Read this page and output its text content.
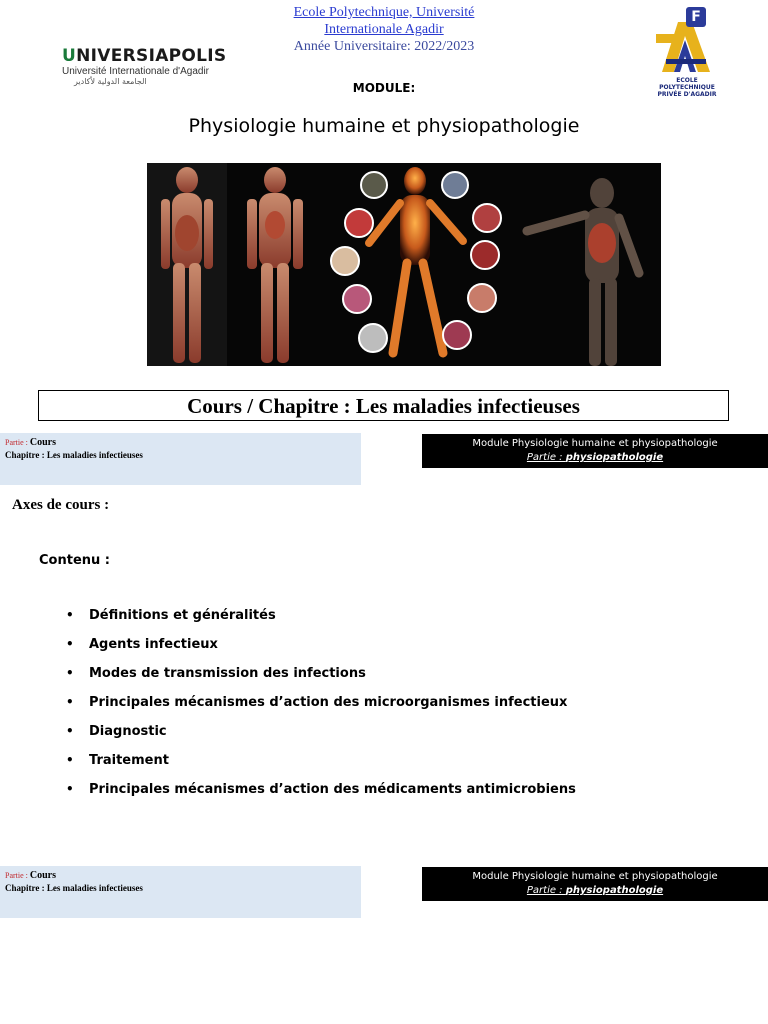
UNIVERSIAPOLIS
Université Internationale d'Agadir
الجامعة الدولية لأكادير
Ecole Polytechnique, Université
Internationale Agadir
Année Universitaire: 2022/2023
F
ECOLE
POLYTECHNIQUE
PRIVÉE D'AGADIR
MODULE:
Physiologie humaine et physiopathologie
Cours / Chapitre : Les maladies infectieuses
Partie : Cours
Chapitre : Les maladies infectieuses
Module Physiologie humaine et physiopathologie
Partie : physiopathologie
Axes de cours :
Contenu :
•	Définitions et généralités
•	Agents infectieux
•	Modes de transmission des infections
•	Principales mécanismes d’action des microorganismes infectieux
•	Diagnostic
•	Traitement
•	Principales mécanismes d’action des médicaments antimicrobiens
Partie : Cours
Chapitre : Les maladies infectieuses
Module Physiologie humaine et physiopathologie
Partie : physiopathologie
